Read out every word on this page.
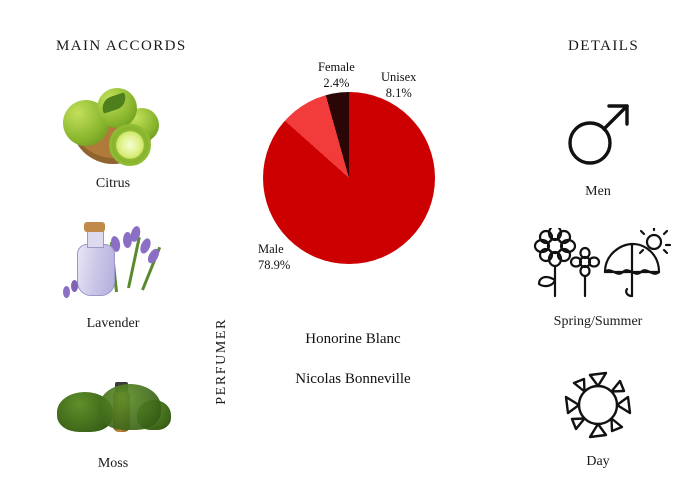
MAIN ACCORDS	DETAILS
Citrus
Lavender
Moss
Female
2.4%	Unisex
8.1%
Male
78.9%
PERFUMER	Honorine Blanc
Nicolas Bonneville
Men
Spring/Summer
Day
